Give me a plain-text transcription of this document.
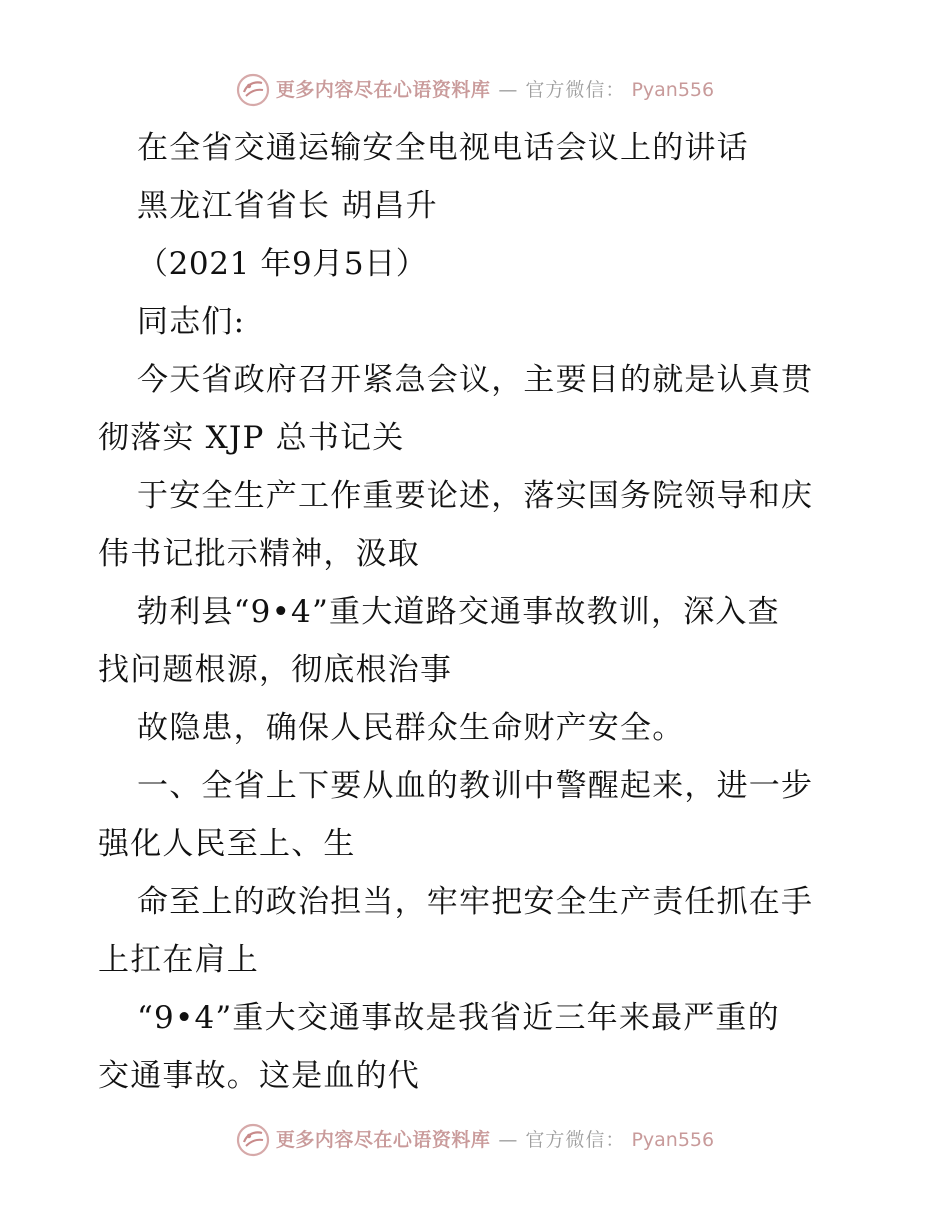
更多内容尽在心语资料库 — 官方微信： Pyan556
在全省交通运输安全电视电话会议上的讲话
黑龙江省省长 胡昌升
（2021 年9月5日）
同志们:
今天省政府召开紧急会议，主要目的就是认真贯
彻落实 XJP 总书记关
于安全生产工作重要论述，落实国务院领导和庆
伟书记批示精神，汲取
勃利县“9•4”重大道路交通事故教训，深入查
找问题根源，彻底根治事
故隐患，确保人民群众生命财产安全。
一、全省上下要从血的教训中警醒起来，进一步
强化人民至上、生
命至上的政治担当，牢牢把安全生产责任抓在手
上扛在肩上
“9•4”重大交通事故是我省近三年来最严重的
交通事故。这是血的代
更多内容尽在心语资料库 — 官方微信： Pyan556
